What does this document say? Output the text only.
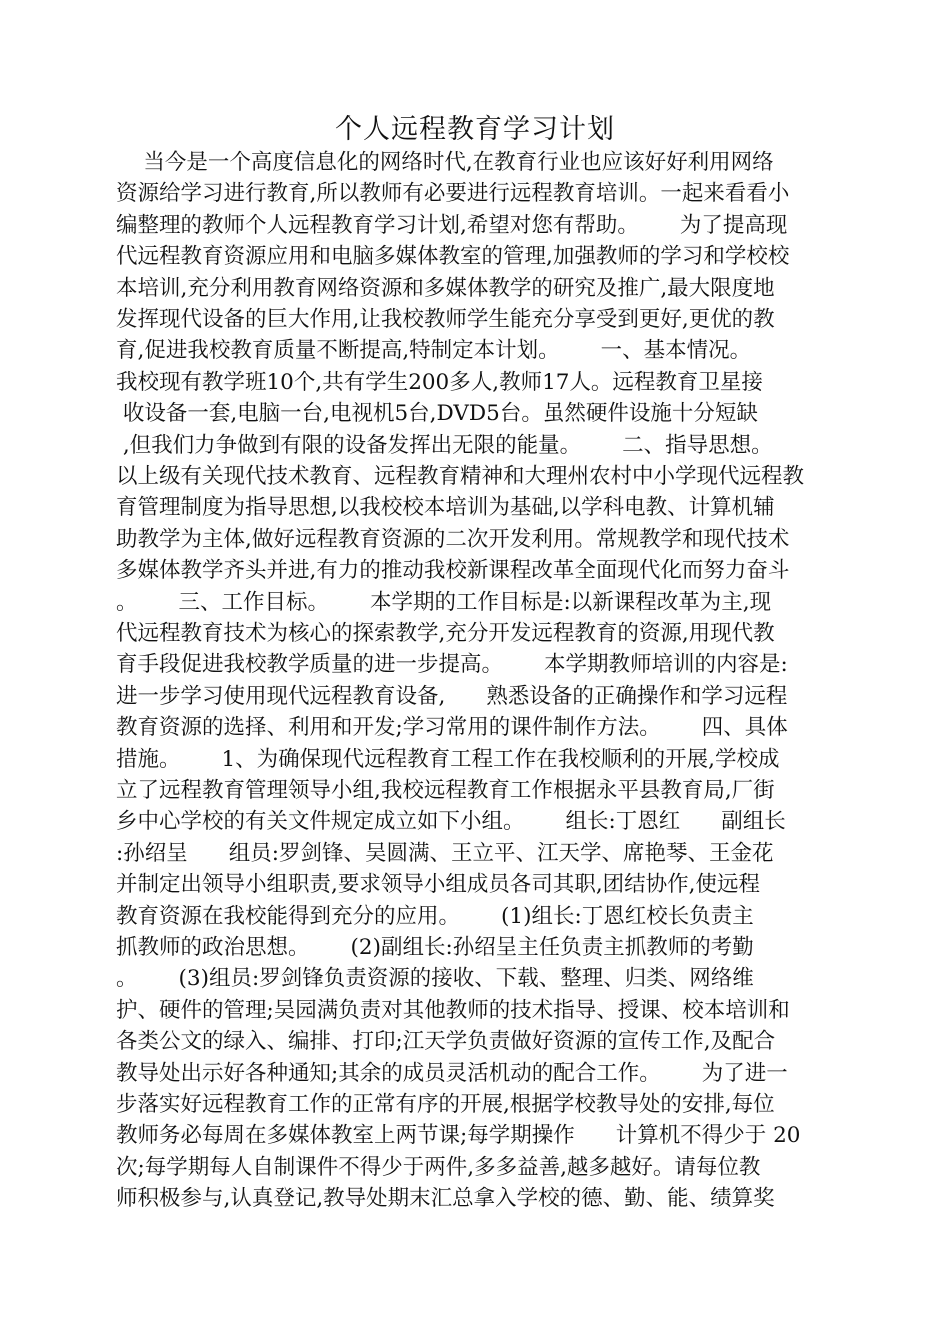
个人远程教育学习计划
当今是一个高度信息化的网络时代,在教育行业也应该好好利用网络
资源给学习进行教育,所以教师有必要进行远程教育培训。一起来看看小
编整理的教师个人远程教育学习计划,希望对您有帮助。      为了提高现
代远程教育资源应用和电脑多媒体教室的管理,加强教师的学习和学校校
本培训,充分利用教育网络资源和多媒体教学的研究及推广,最大限度地
发挥现代设备的巨大作用,让我校教师学生能充分享受到更好,更优的教
育,促进我校教育质量不断提高,特制定本计划。      一、基本情况。
我校现有教学班10个,共有学生200多人,教师17人。远程教育卫星接
收设备一套,电脑一台,电视机5台,DVD5台。虽然硬件设施十分短缺
,但我们力争做到有限的设备发挥出无限的能量。      二、指导思想。
以上级有关现代技术教育、远程教育精神和大理州农村中小学现代远程教
育管理制度为指导思想,以我校校本培训为基础,以学科电教、计算机辅
助教学为主体,做好远程教育资源的二次开发利用。常规教学和现代技术
多媒体教学齐头并进,有力的推动我校新课程改革全面现代化而努力奋斗
。      三、工作目标。      本学期的工作目标是:以新课程改革为主,现
代远程教育技术为核心的探索教学,充分开发远程教育的资源,用现代教
育手段促进我校教学质量的进一步提高。      本学期教师培训的内容是:
进一步学习使用现代远程教育设备,      熟悉设备的正确操作和学习远程
教育资源的选择、利用和开发;学习常用的课件制作方法。      四、具体
措施。      1、为确保现代远程教育工程工作在我校顺利的开展,学校成
立了远程教育管理领导小组,我校远程教育工作根据永平县教育局,厂街
乡中心学校的有关文件规定成立如下小组。      组长:丁恩红      副组长
:孙绍呈      组员:罗剑锋、吴圆满、王立平、江天学、席艳琴、王金花
并制定出领导小组职责,要求领导小组成员各司其职,团结协作,使远程
教育资源在我校能得到充分的应用。      (1)组长:丁恩红校长负责主
抓教师的政治思想。      (2)副组长:孙绍呈主任负责主抓教师的考勤
。      (3)组员:罗剑锋负责资源的接收、下载、整理、归类、网络维
护、硬件的管理;吴园满负责对其他教师的技术指导、授课、校本培训和
各类公文的绿入、编排、打印;江天学负责做好资源的宣传工作,及配合
教导处出示好各种通知;其余的成员灵活机动的配合工作。      为了进一
步落实好远程教育工作的正常有序的开展,根据学校教导处的安排,每位
教师务必每周在多媒体教室上两节课;每学期操作      计算机不得少于 20
次;每学期每人自制课件不得少于两件,多多益善,越多越好。请每位教
师积极参与,认真登记,教导处期末汇总拿入学校的德、勤、能、绩算奖
